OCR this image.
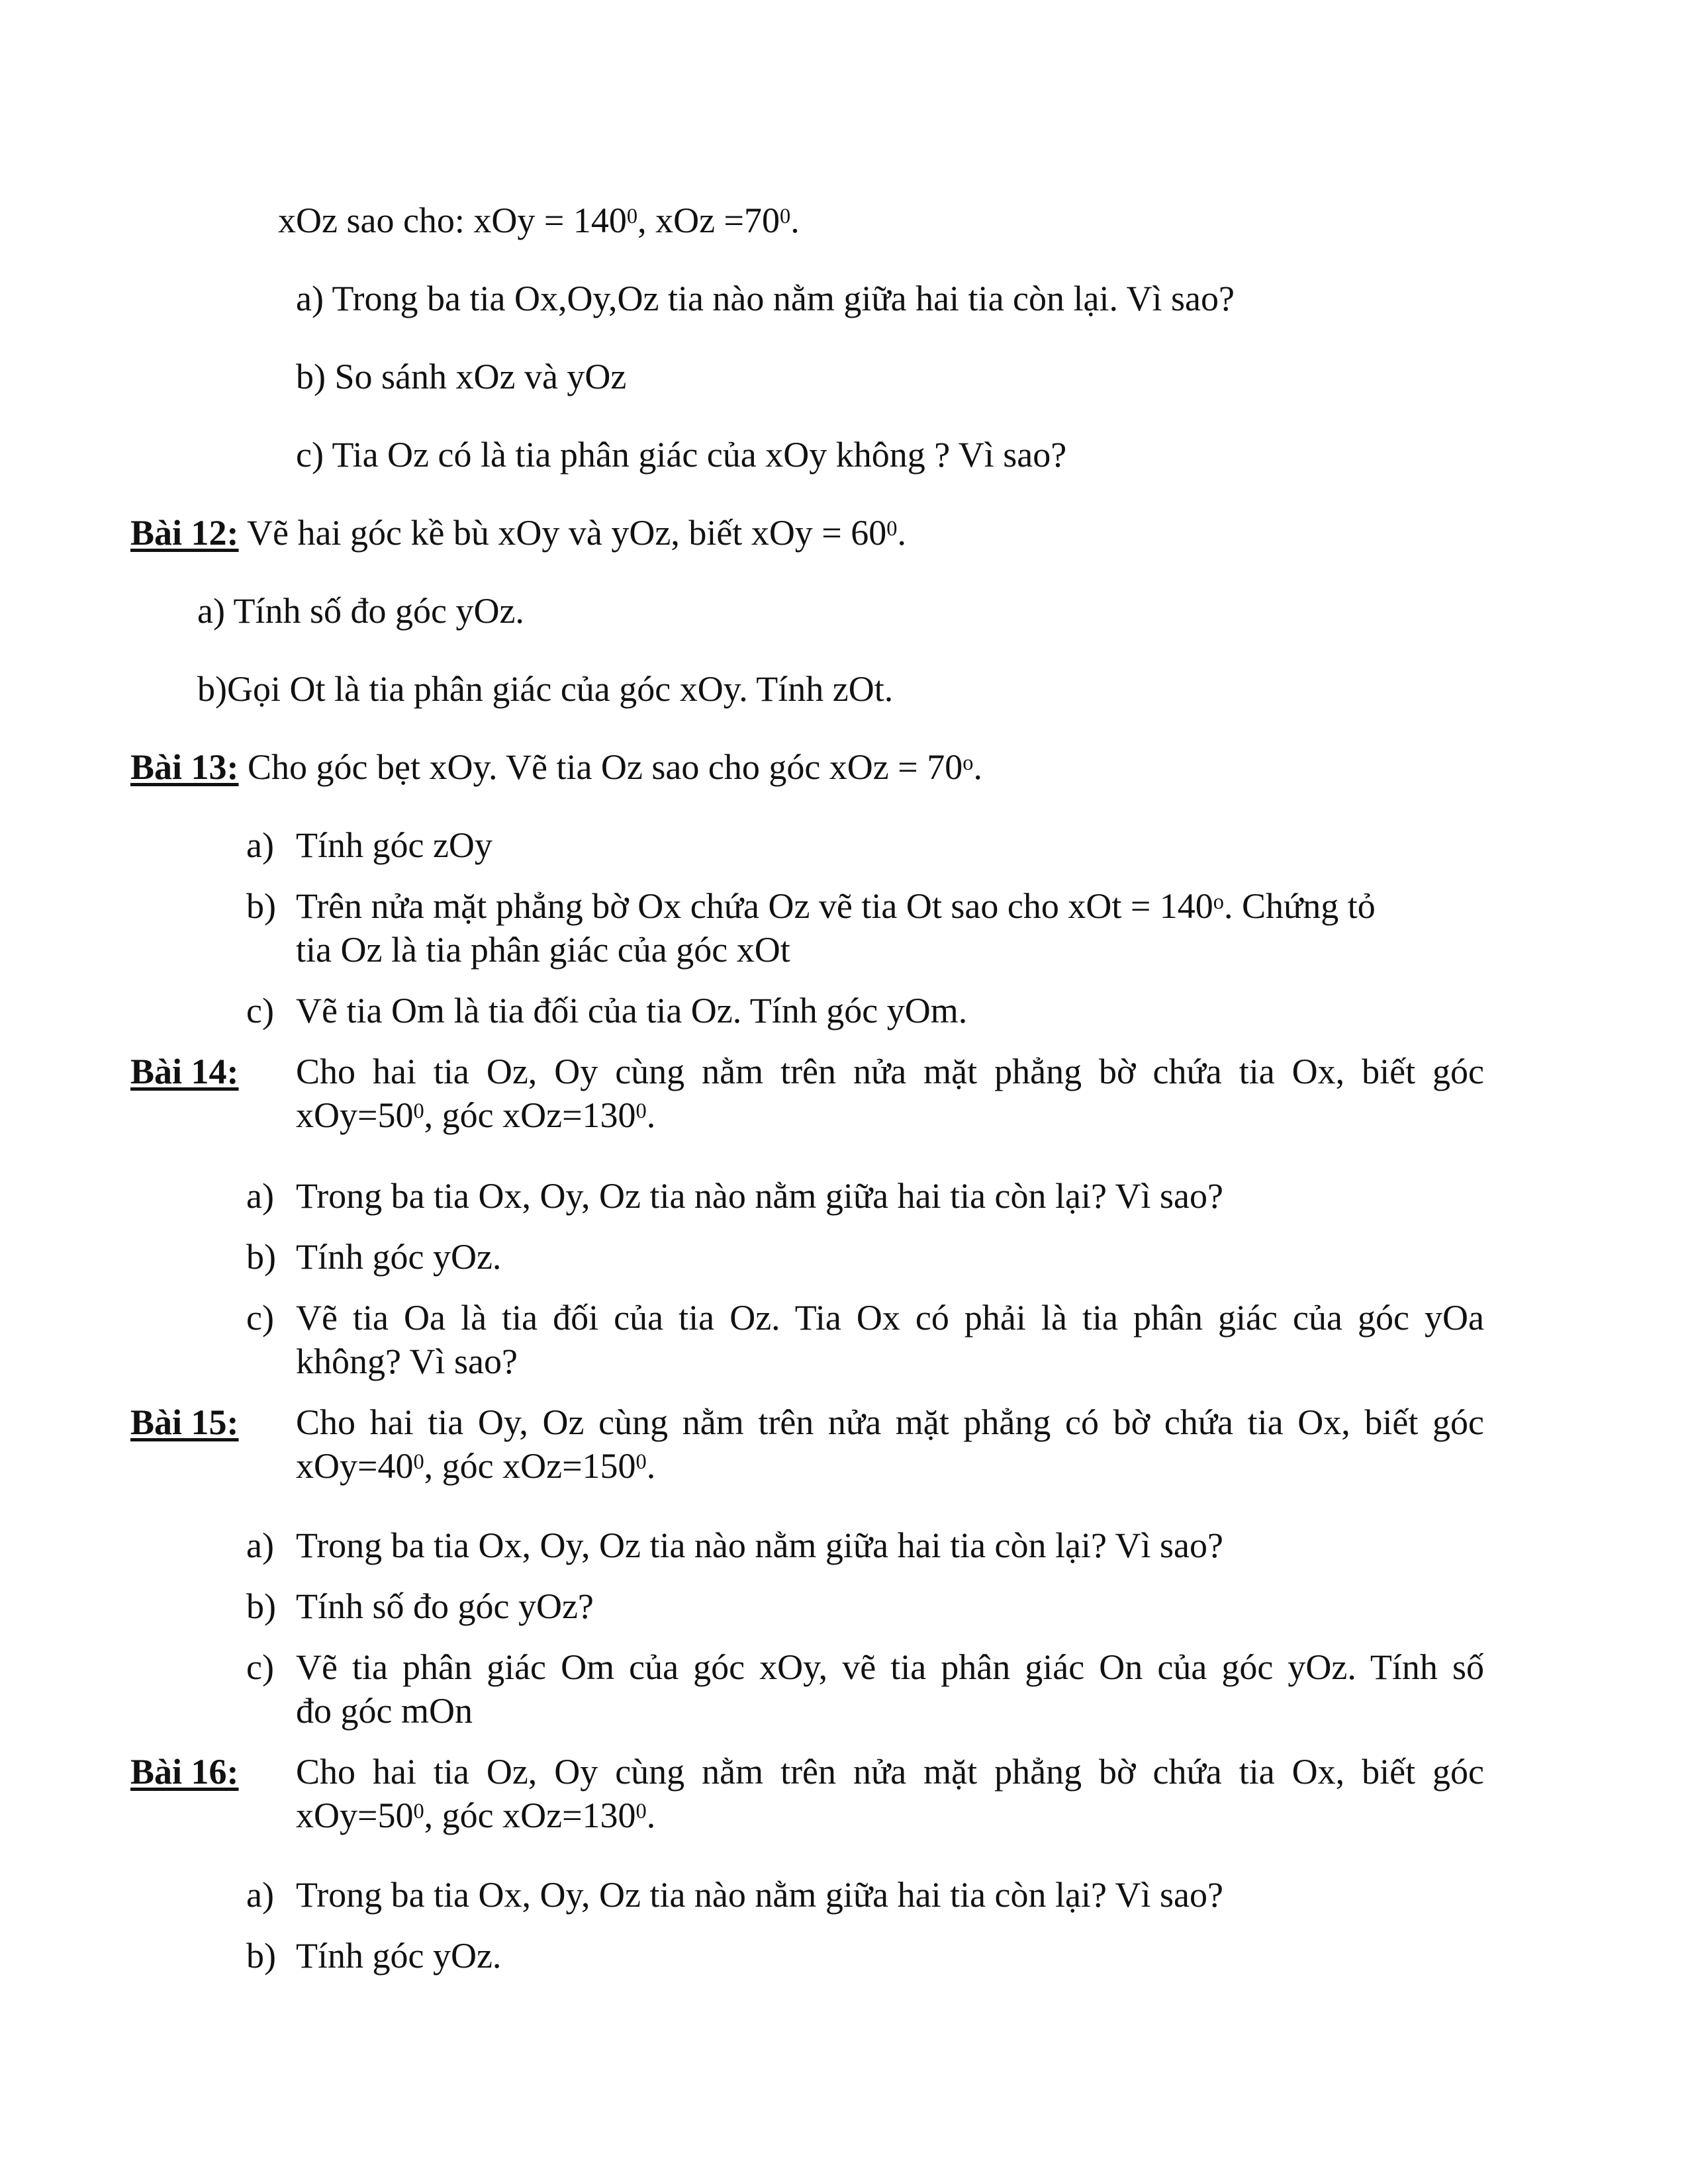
xOz sao cho: xOy = $140^0$, xOz $=70^0$.
a) Trong ba tia Ox,Oy,Oz tia nào nằm giữa hai tia còn lại. Vì sao?
b) So sánh xOz và yOz
c) Tia Oz có là tia phân giác của xOy không ? Vì sao?
Bài 12: Vẽ hai góc kề bù xOy và yOz, biết xOy = $60^0$.
a) Tính số đo góc yOz.
b)Gọi Ot là tia phân giác của góc xOy. Tính zOt.
Bài 13: Cho góc bẹt xOy. Vẽ tia Oz sao cho góc xOz = $70^o$.
a) Tính góc zOy
b) Trên nửa mặt phẳng bờ Ox chứa Oz vẽ tia Ot sao cho xOt = $140^o$. Chứng tỏ
tia Oz là tia phân giác của góc xOt
c) Vẽ tia Om là tia đối của tia Oz. Tính góc yOm.
Bài 14: Cho hai tia Oz, Oy cùng nằm trên nửa mặt phẳng bờ chứa tia Ox, biết góc
$xOy=50^0$, góc $xOz=130^0$.
a) Trong ba tia Ox, Oy, Oz tia nào nằm giữa hai tia còn lại? Vì sao?
b) Tính góc yOz.
c) Vẽ tia Oa là tia đối của tia Oz. Tia Ox có phải là tia phân giác của góc yOa
không? Vì sao?
Bài 15: Cho hai tia Oy, Oz cùng nằm trên nửa mặt phẳng có bờ chứa tia Ox, biết góc
$xOy=40^0$, góc $xOz=150^0$.
a) Trong ba tia Ox, Oy, Oz tia nào nằm giữa hai tia còn lại? Vì sao?
b) Tính số đo góc yOz?
c) Vẽ tia phân giác Om của góc xOy, vẽ tia phân giác On của góc yOz. Tính số
đo góc mOn
Bài 16: Cho hai tia Oz, Oy cùng nằm trên nửa mặt phẳng bờ chứa tia Ox, biết góc
$xOy=50^0$, góc $xOz=130^0$.
a) Trong ba tia Ox, Oy, Oz tia nào nằm giữa hai tia còn lại? Vì sao?
b) Tính góc yOz.
